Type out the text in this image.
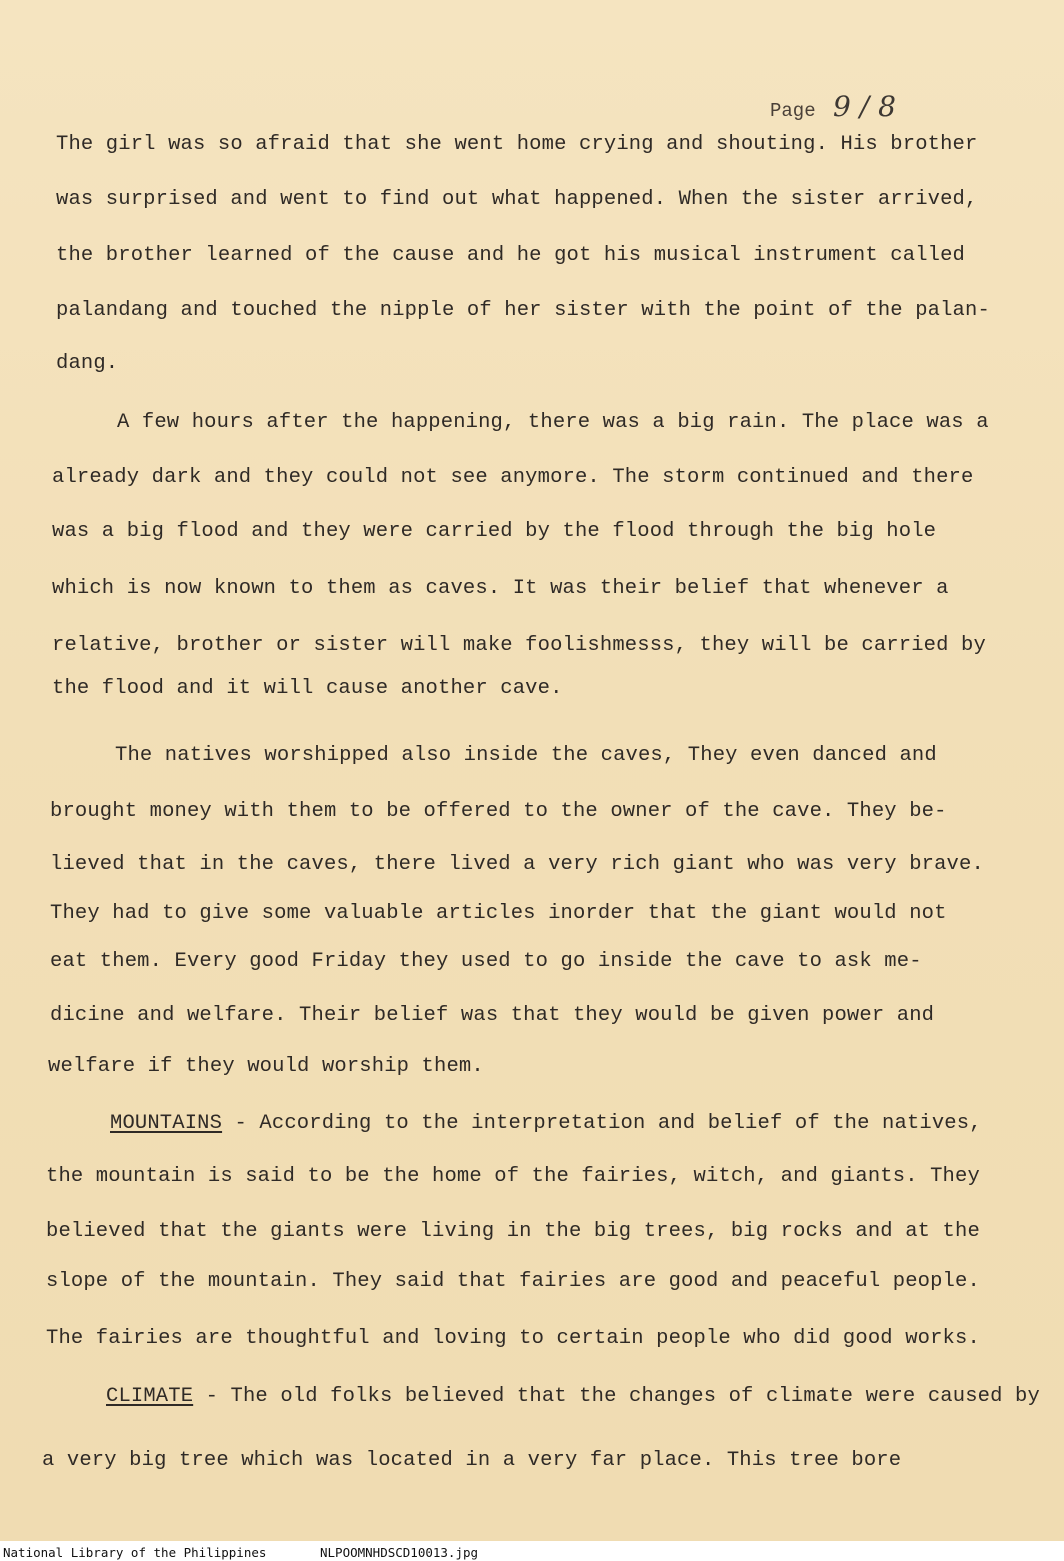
Page 9 / 8
The girl was so afraid that she went home crying and shouting. His brother
was surprised and went to find out what happened. When the sister arrived,
the brother learned of the cause and he got his musical instrument called
palandang and touched the nipple of her sister with the point of the palan-
dang.
A few hours after the happening, there was a big rain. The place was a
already dark and they could not see anymore. The storm continued and there
was a big flood and they were carried by the flood through the big hole
which is now known to them as caves. It was their belief that whenever a
relative, brother or sister will make foolishmesss, they will be carried by
the flood and it will cause another cave.
The natives worshipped also inside the caves, They even danced and
brought money with them to be offered to the owner of the cave. They be-
lieved that in the caves, there lived a very rich giant who was very brave.
They had to give some valuable articles inorder that the giant would not
eat them. Every good Friday they used to go inside the cave to ask me-
dicine and welfare. Their belief was that they would be given power and
welfare if they would worship them.
MOUNTAINS - According to the interpretation and belief of the natives,
the mountain is said to be the home of the fairies, witch, and giants. They
believed that the giants were living in the big trees, big rocks and at the
slope of the mountain. They said that fairies are good and peaceful people.
The fairies are thoughtful and loving to certain people who did good works.
CLIMATE - The old folks believed that the changes of climate were caused by
a very big tree which was located in a very far place. This tree bore
National Library of the Philippines	NLPOOMNHDSCD10013.jpg
